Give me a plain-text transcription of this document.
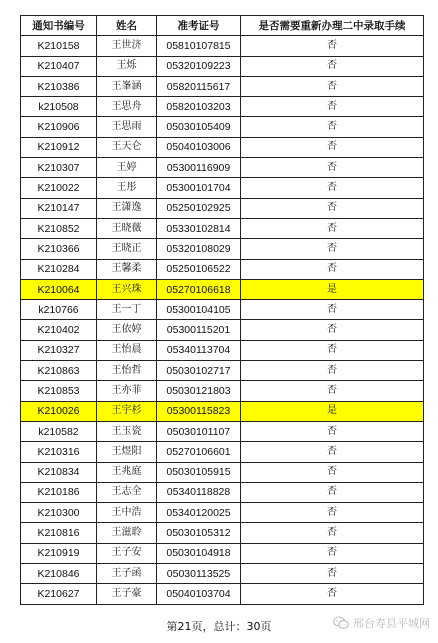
通知书编号	姓名	准考证号	是否需要重新办理二中录取手续
K210158	王世济	05810107815	否
K210407	王烁	05320109223	否
K210386	王峯涵	05820115617	否
k210508	王思舟	05820103203	否
K210906	王思雨	05030105409	否
K210912	王天仑	05040103006	否
K210307	王婷	05300116909	否
K210022	王彤	05300101704	否
K210147	王潇逸	05250102925	否
K210852	王晓薇	05330102814	否
K210366	王晓正	05320108029	否
K210284	王馨柔	05250106522	否
K210064	王兴珠	05270106618	是
k210766	王一丁	05300104105	否
K210402	王依婷	05300115201	否
K210327	王怡晨	05340113704	否
K210863	王怡哲	05030102717	否
K210853	王亦菲	05030121803	否
K210026	王宇杉	05300115823	是
k210582	王玉瓷	05030101107	否
K210316	王煜阳	05270106601	否
K210834	王兆庭	05030105915	否
K210186	王志全	05340118828	否
K210300	王中浩	05340120025	否
K210816	王滋聆	05030105312	否
K210919	王子安	05030104918	否
K210846	王子函	05030113525	否
K210627	王子豪	05040103704	否
第21页，总计：30页	邢台寿县平城网
